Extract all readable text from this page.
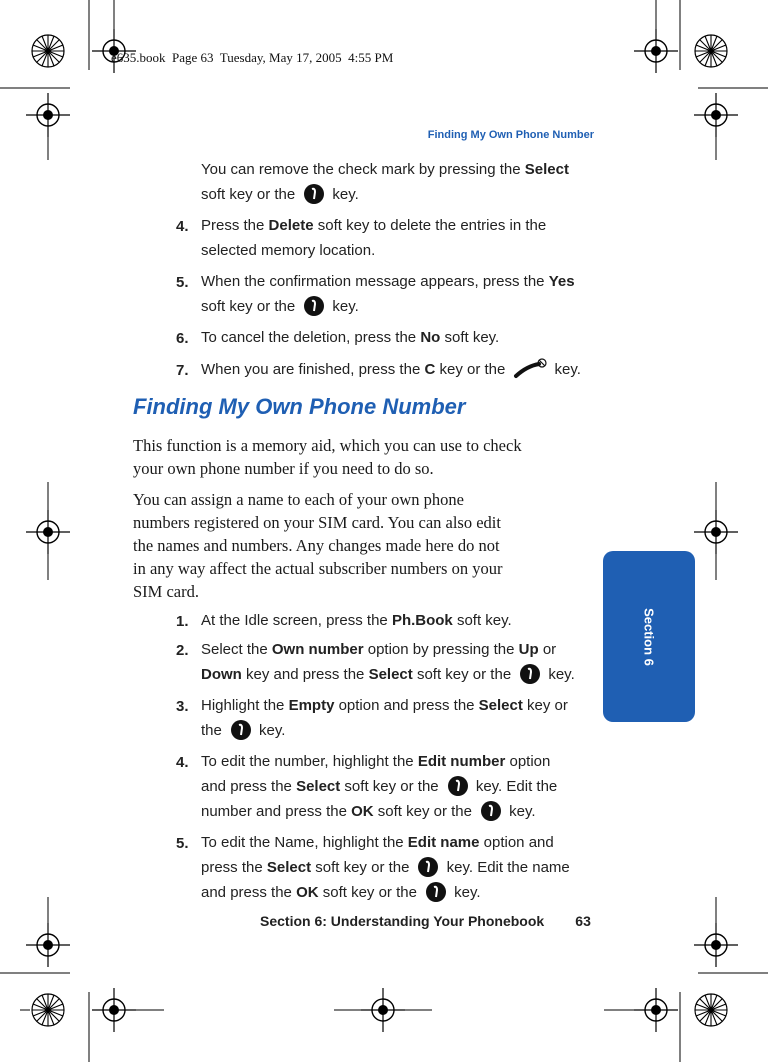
e635.book  Page 63  Tuesday, May 17, 2005  4:55 PM
Finding My Own Phone Number
You can remove the check mark by pressing the Select
soft key or the key.
4. Press the Delete soft key to delete the entries in the
selected memory location.
5. When the confirmation message appears, press the Yes
soft key or the key.
6. To cancel the deletion, press the No soft key.
7. When you are finished, press the C key or the	key.
Finding My Own Phone Number
This function is a memory aid, which you can use to check
your own phone number if you need to do so.
You can assign a name to each of your own phone
numbers registered on your SIM card. You can also edit
the names and numbers. Any changes made here do not
in any way affect the actual subscriber numbers on your
SIM card.
1. At the Idle screen, press the Ph.Book soft key.
2. Select the Own number option by pressing the Up or
Down key and press the Select soft key or the key.
3. Highlight the Empty option and press the Select key or
the key.
4. To edit the number, highlight the Edit number option
and press the Select soft key or the key. Edit the
number and press the OK soft key or the key.
5. To edit the Name, highlight the Edit name option and
press the Select soft key or the key. Edit the name
and press the OK soft key or the key.
Section 6
Section 6: Understanding Your Phonebook 63
